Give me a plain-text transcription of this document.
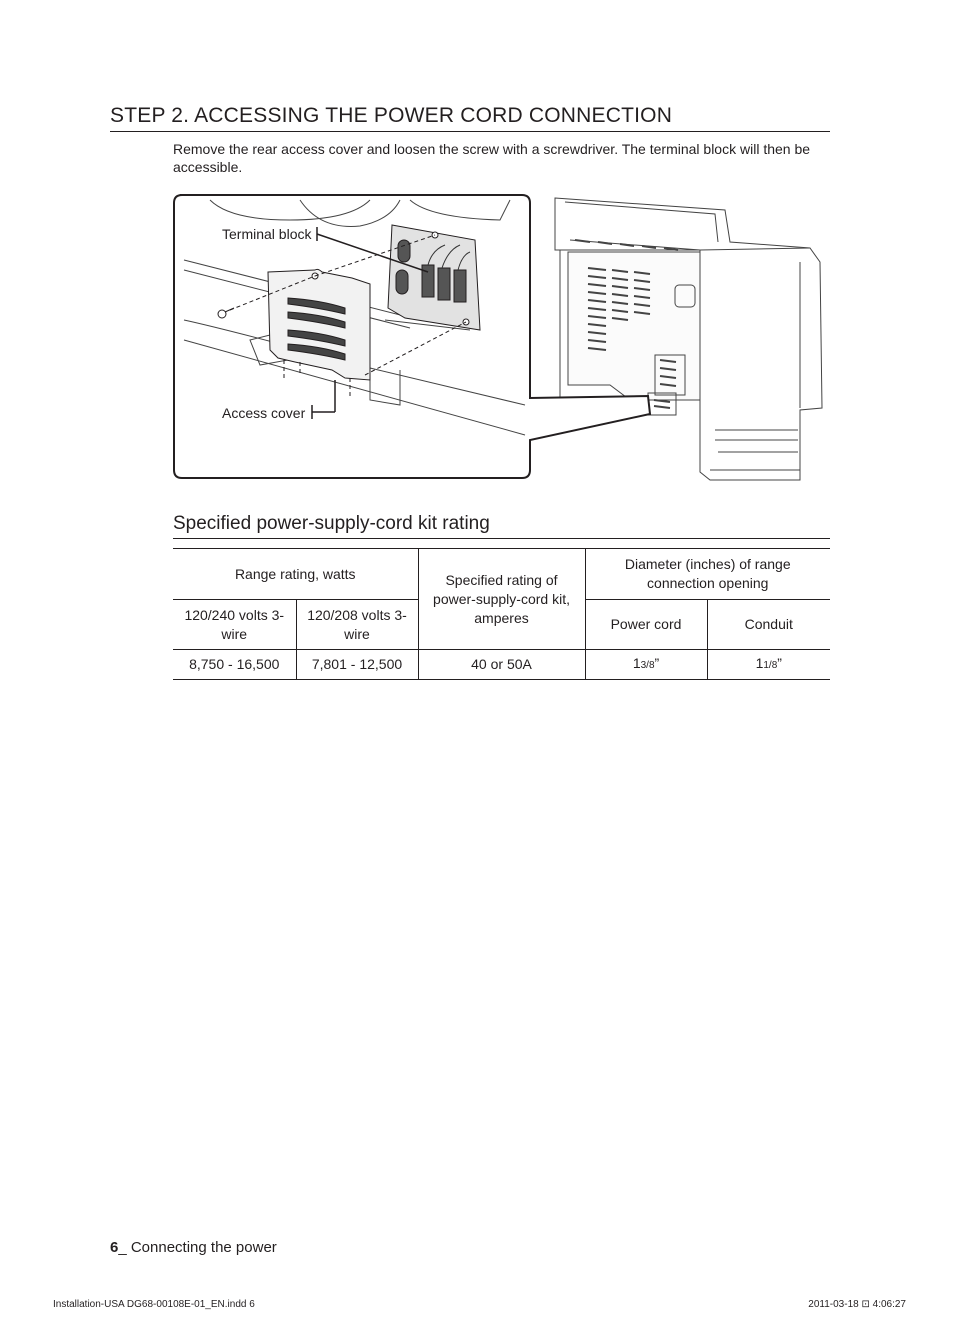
STEP 2. ACCESSING THE POWER CORD CONNECTION
Remove the rear access cover and loosen the screw with a screwdriver. The terminal block will then be accessible.
Terminal block
Access cover
Specified power-supply-cord kit rating
Range rating, watts		Specified rating of power-supply-cord kit, amperes	Diameter (inches) of range connection opening	
120/240 volts 3-wire	120/208 volts 3-wire		Power cord	Conduit
8,750 - 16,500	7,801 - 12,500	40 or 50A	13/8”	11/8”
6_ Connecting the power
Installation-USA DG68-00108E-01_EN.indd 6	2011-03-18 ⊡ 4:06:27
